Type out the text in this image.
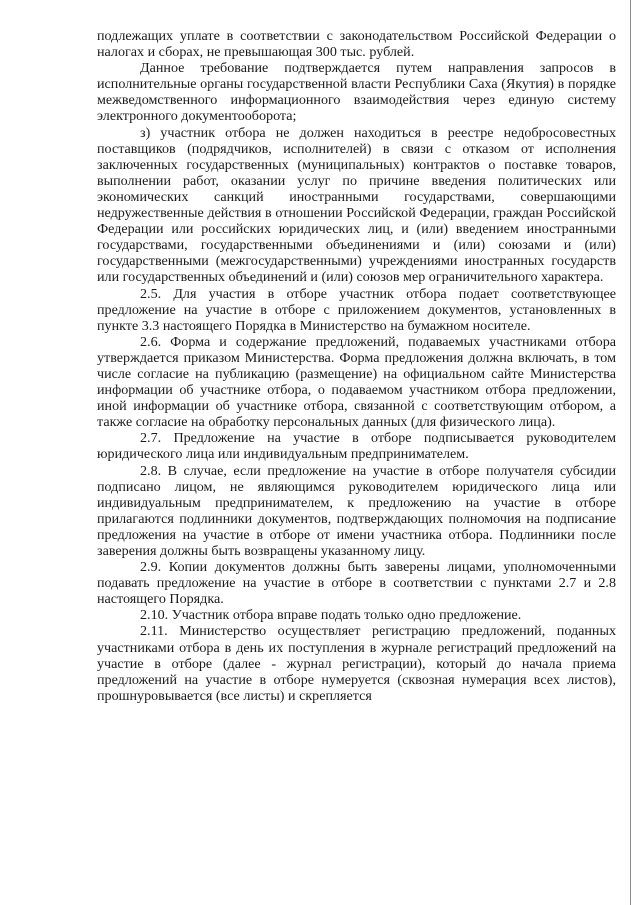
подлежащих уплате в соответствии с законодательством Российской Федерации о налогах и сборах, не превышающая 300 тыс. рублей.

Данное требование подтверждается путем направления запросов в исполнительные органы государственной власти Республики Саха (Якутия) в порядке межведомственного информационного взаимодействия через единую систему электронного документооборота;

з) участник отбора не должен находиться в реестре недобросовестных поставщиков (подрядчиков, исполнителей) в связи с отказом от исполнения заключенных государственных (муниципальных) контрактов о поставке товаров, выполнении работ, оказании услуг по причине введения политических или экономических санкций иностранными государствами, совершающими недружественные действия в отношении Российской Федерации, граждан Российской Федерации или российских юридических лиц, и (или) введением иностранными государствами, государственными объединениями и (или) союзами и (или) государственными (межгосударственными) учреждениями иностранных государств или государственных объединений и (или) союзов мер ограничительного характера.

2.5. Для участия в отборе участник отбора подает соответствующее предложение на участие в отборе с приложением документов, установленных в пункте 3.3 настоящего Порядка в Министерство на бумажном носителе.

2.6. Форма и содержание предложений, подаваемых участниками отбора утверждается приказом Министерства. Форма предложения должна включать, в том числе согласие на публикацию (размещение) на официальном сайте Министерства информации об участнике отбора, о подаваемом участником отбора предложении, иной информации об участнике отбора, связанной с соответствующим отбором, а также согласие на обработку персональных данных (для физического лица).

2.7. Предложение на участие в отборе подписывается руководителем юридического лица или индивидуальным предпринимателем.

2.8. В случае, если предложение на участие в отборе получателя субсидии подписано лицом, не являющимся руководителем юридического лица или индивидуальным предпринимателем, к предложению на участие в отборе прилагаются подлинники документов, подтверждающих полномочия на подписание предложения на участие в отборе от имени участника отбора. Подлинники после заверения должны быть возвращены указанному лицу.

2.9. Копии документов должны быть заверены лицами, уполномоченными подавать предложение на участие в отборе в соответствии с пунктами 2.7 и 2.8 настоящего Порядка.

2.10. Участник отбора вправе подать только одно предложение.

2.11. Министерство осуществляет регистрацию предложений, поданных участниками отбора в день их поступления в журнале регистраций предложений на участие в отборе (далее - журнал регистрации), который до начала приема предложений на участие в отборе нумеруется (сквозная нумерация всех листов), прошнуровывается (все листы) и скрепляется
